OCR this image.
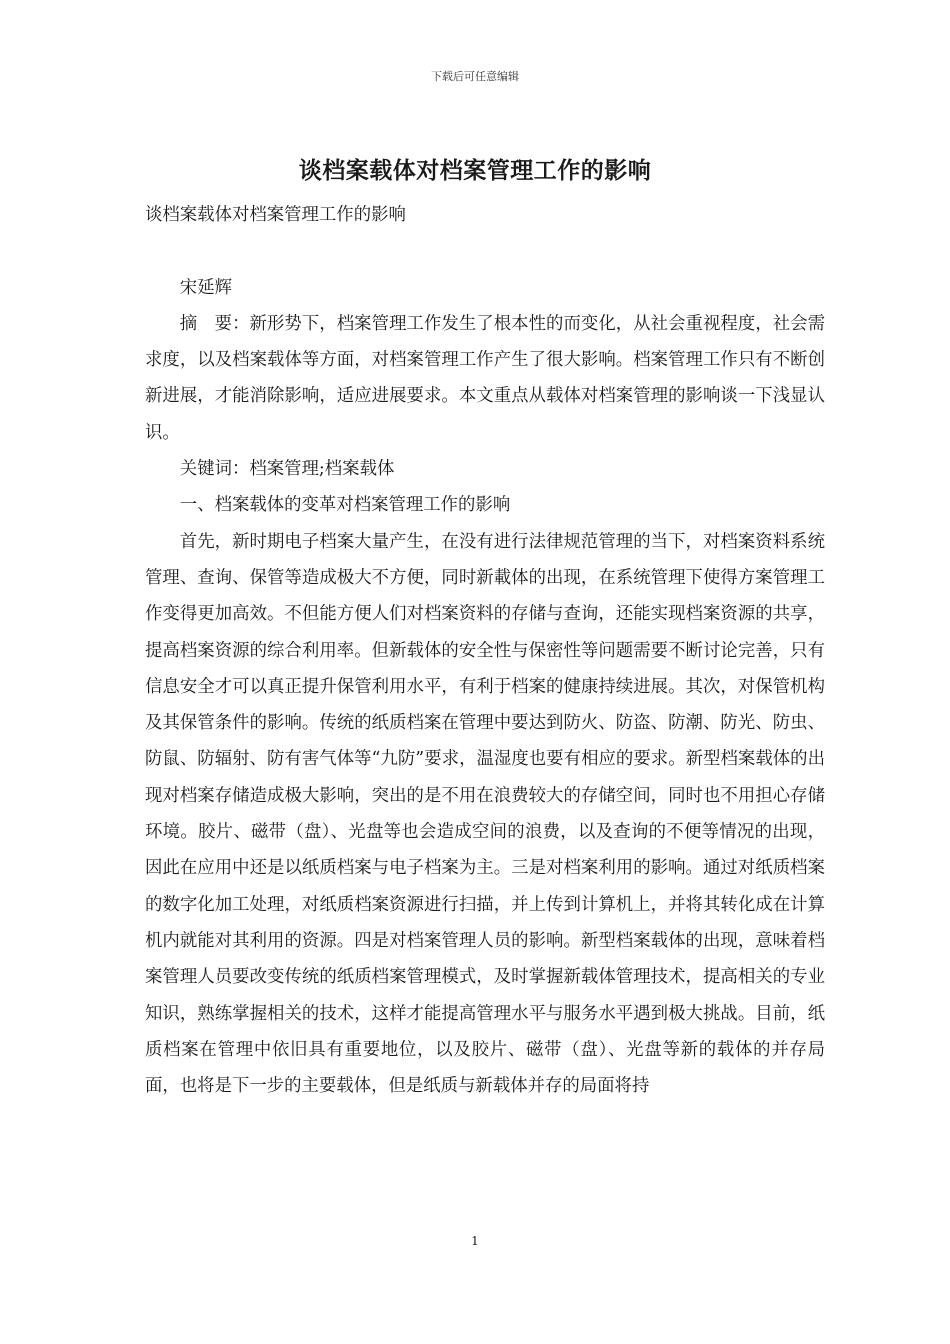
下载后可任意编辑
谈档案载体对档案管理工作的影响

谈档案载体对档案管理工作的影响

宋延辉

摘　要：新形势下，档案管理工作发生了根本性的而变化，从社会重视程度，社会需求度，以及档案载体等方面，对档案管理工作产生了很大影响。档案管理工作只有不断创新进展，才能消除影响，适应进展要求。本文重点从载体对档案管理的影响谈一下浅显认识。

关键词：档案管理;档案载体

一、档案载体的变革对档案管理工作的影响

首先，新时期电子档案大量产生，在没有进行法律规范管理的当下，对档案资料系统管理、查询、保管等造成极大不方便，同时新載体的出现，在系统管理下使得方案管理工作变得更加高效。不但能方便人们对档案资料的存储与查询，还能实现档案资源的共享，提高档案资源的综合利用率。但新载体的安全性与保密性等问题需要不断讨论完善，只有信息安全才可以真正提升保管利用水平，有利于档案的健康持续进展。其次，对保管机构及其保管条件的影响。传统的纸质档案在管理中要达到防火、防盗、防潮、防光、防虫、防鼠、防辐射、防有害气体等“九防”要求，温湿度也要有相应的要求。新型档案载体的出现对档案存储造成极大影响，突出的是不用在浪费较大的存储空间，同时也不用担心存储环境。胶片、磁带（盘）、光盘等也会造成空间的浪费，以及查询的不便等情况的出现，因此在应用中还是以纸质档案与电子档案为主。三是对档案利用的影响。通过对纸质档案的数字化加工处理，对纸质档案资源进行扫描，并上传到计算机上，并将其转化成在计算机内就能对其利用的资源。四是对档案管理人员的影响。新型档案载体的出现，意味着档案管理人员要改变传统的纸质档案管理模式，及时掌握新载体管理技术，提高相关的专业知识，熟练掌握相关的技术，这样才能提高管理水平与服务水平遇到极大挑战。目前，纸质档案在管理中依旧具有重要地位，以及胶片、磁带（盘）、光盘等新的载体的并存局面，也将是下一步的主要载体，但是纸质与新载体并存的局面将持

1
